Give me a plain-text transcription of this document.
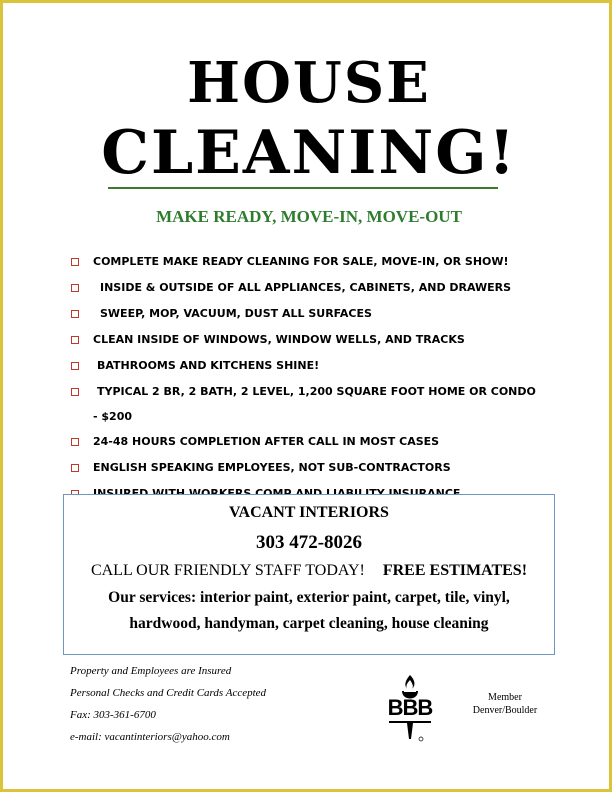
HOUSE
CLEANING!
MAKE READY, MOVE-IN, MOVE-OUT
COMPLETE MAKE READY CLEANING FOR SALE, MOVE-IN, OR SHOW!
INSIDE & OUTSIDE OF ALL APPLIANCES, CABINETS, AND DRAWERS
SWEEP, MOP, VACUUM, DUST ALL SURFACES
CLEAN INSIDE OF WINDOWS, WINDOW WELLS, AND TRACKS
BATHROOMS AND KITCHENS SHINE!
TYPICAL 2 BR, 2 BATH, 2 LEVEL, 1,200 SQUARE FOOT HOME OR CONDO - $200
24-48 HOURS COMPLETION AFTER CALL IN MOST CASES
ENGLISH SPEAKING EMPLOYEES, NOT SUB-CONTRACTORS
VACANT INTERIORS
303 472-8026
CALL OUR FRIENDLY STAFF TODAY! FREE ESTIMATES!
Our services: interior paint, exterior paint, carpet, tile, vinyl,
hardwood, handyman, carpet cleaning, house cleaning
Property and Employees are Insured
Personal Checks and Credit Cards Accepted
Fax: 303-361-6700
e-mail: vacantinteriors@yahoo.com
BBB	Member
Denver/Boulder
